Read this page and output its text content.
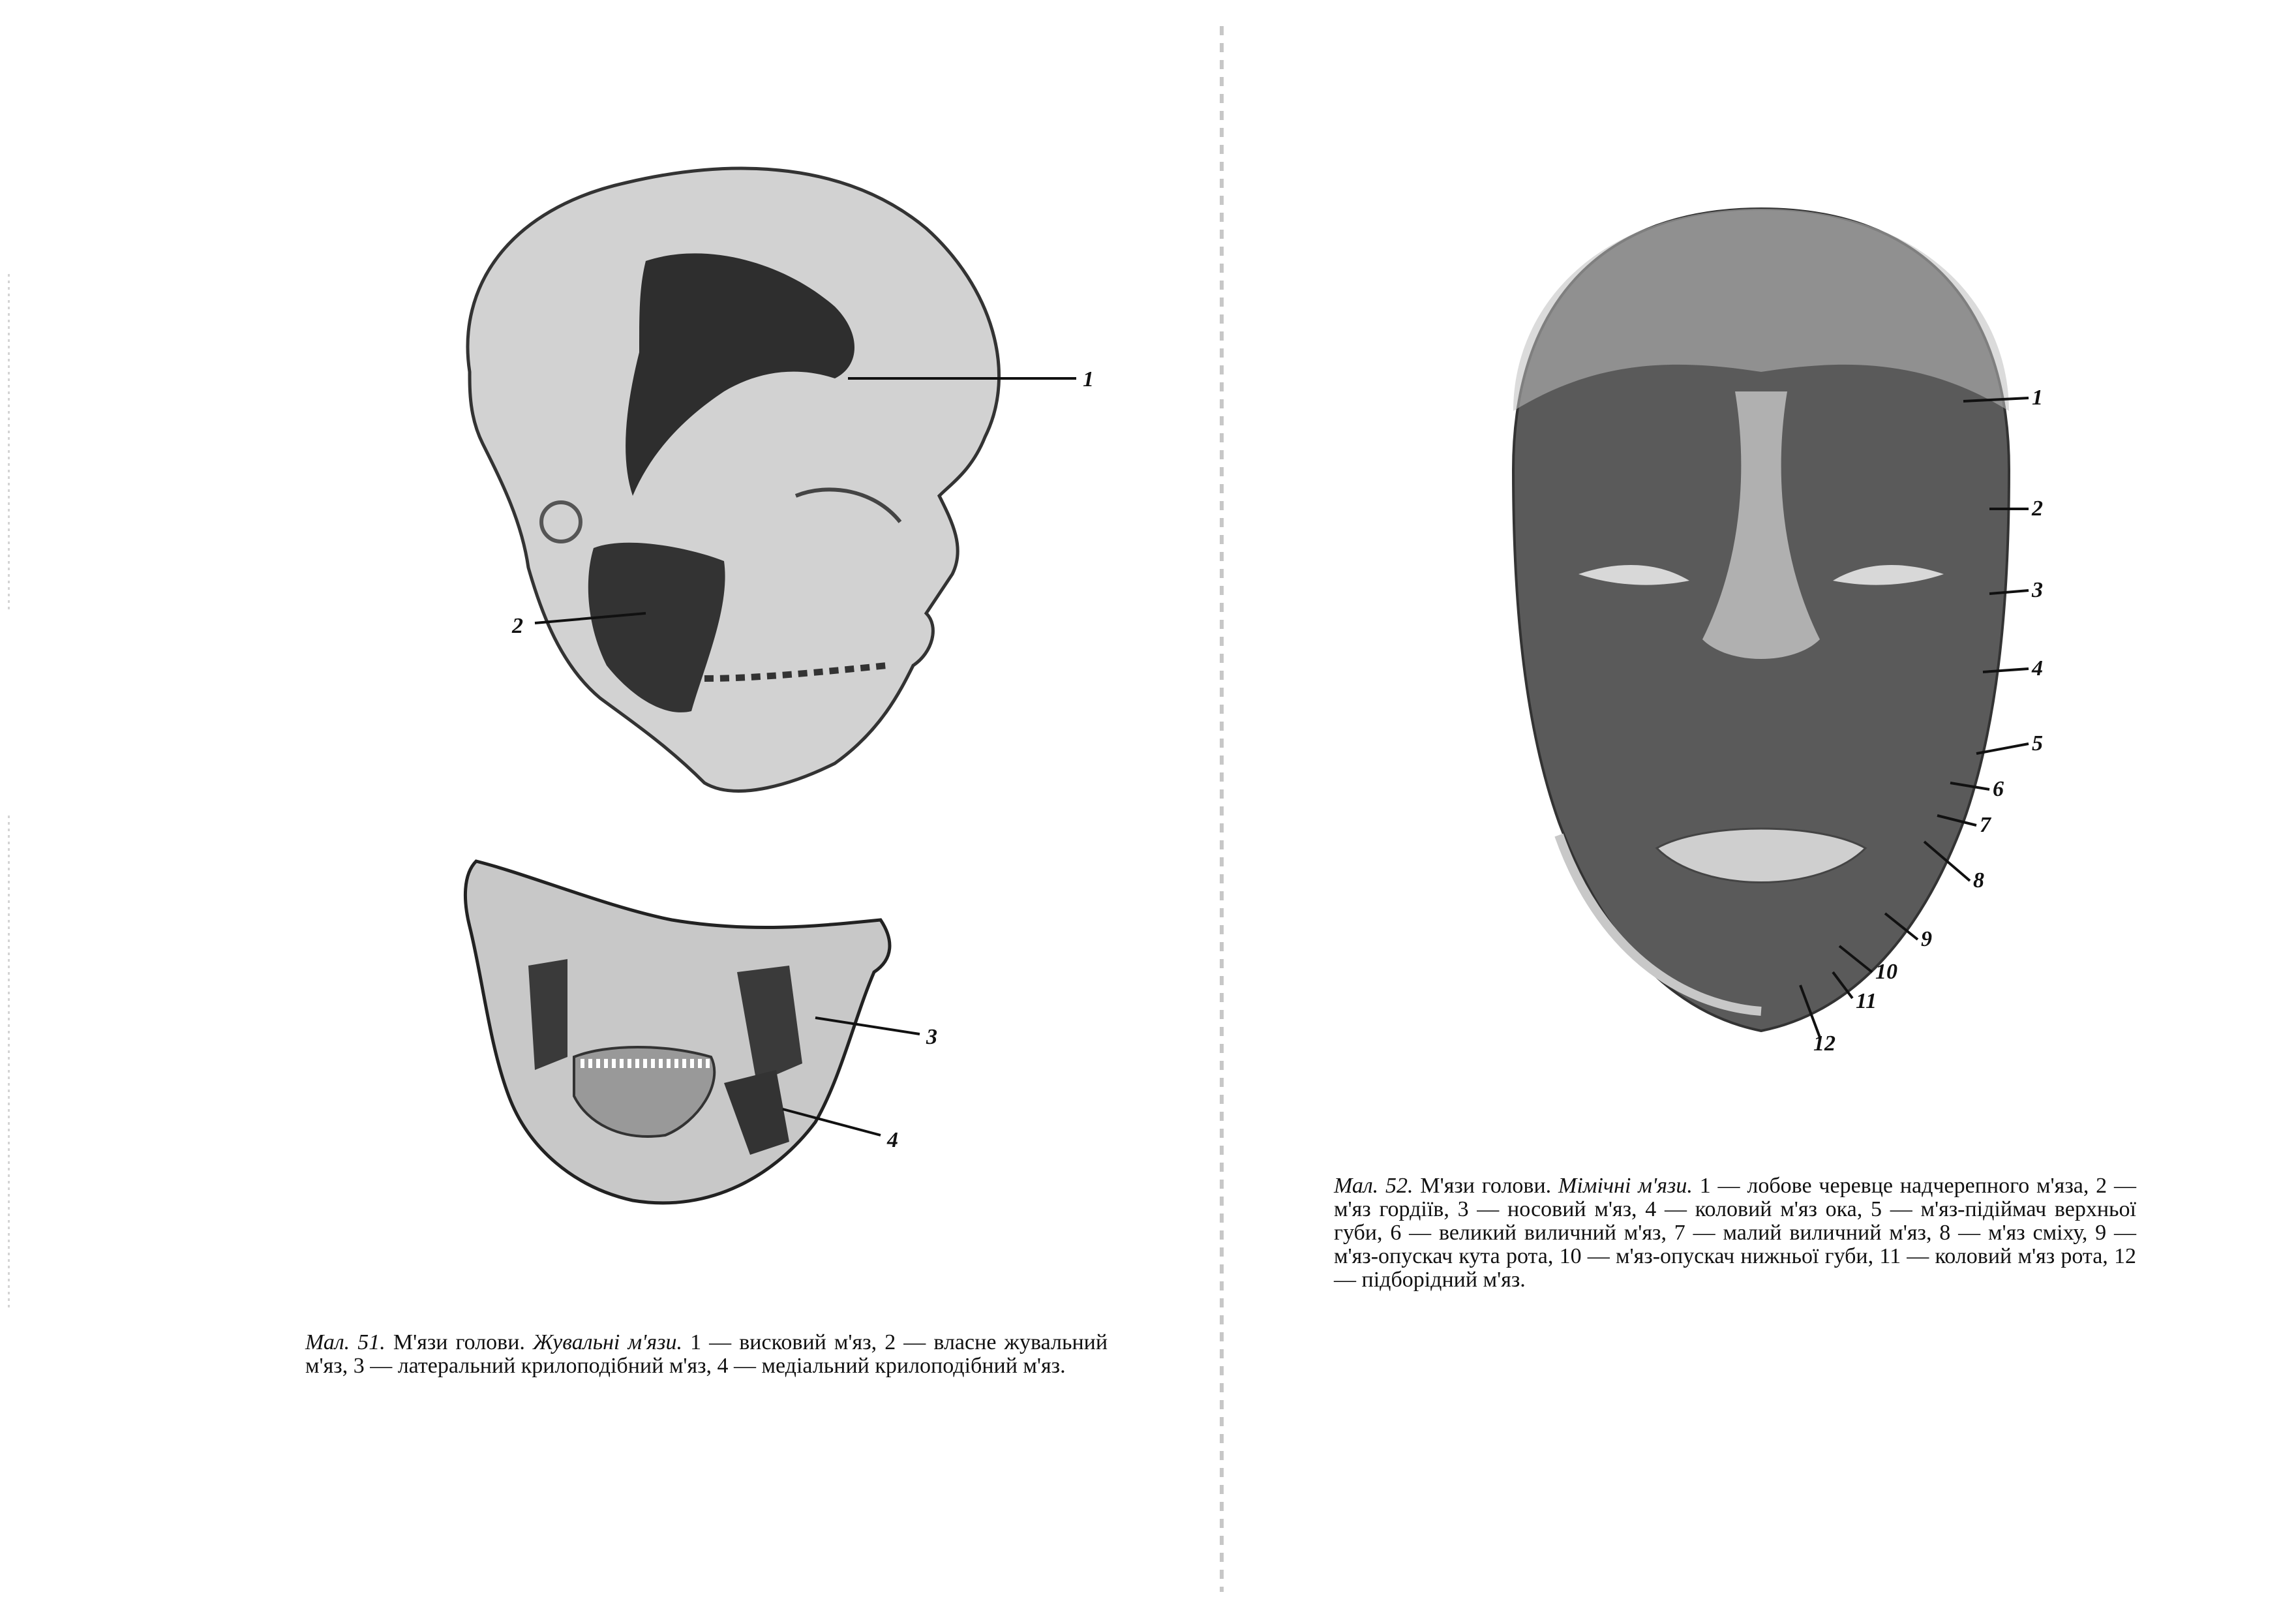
1
2
3
4
Мал. 51. М'язи голови. Жувальні м'язи. 1 — висковий м'яз, 2 — власне жувальний м'яз, 3 — латеральний крилоподібний м'яз, 4 — медіальний крилоподібний м'яз.
1
2
3
4
5
6
7
8
9
10
11
12
Мал. 52. М'язи голови. Мімічні м'язи. 1 — лобове черевце надчерепного м'яза, 2 — м'яз гордіїв, 3 — носовий м'яз, 4 — коловий м'яз ока, 5 — м'яз-підіймач верхньої губи, 6 — великий виличний м'яз, 7 — малий виличний м'яз, 8 — м'яз сміху, 9 — м'яз-опускач кута рота, 10 — м'яз-опускач нижньої губи, 11 — коловий м'яз рота, 12 — підборідний м'яз.
